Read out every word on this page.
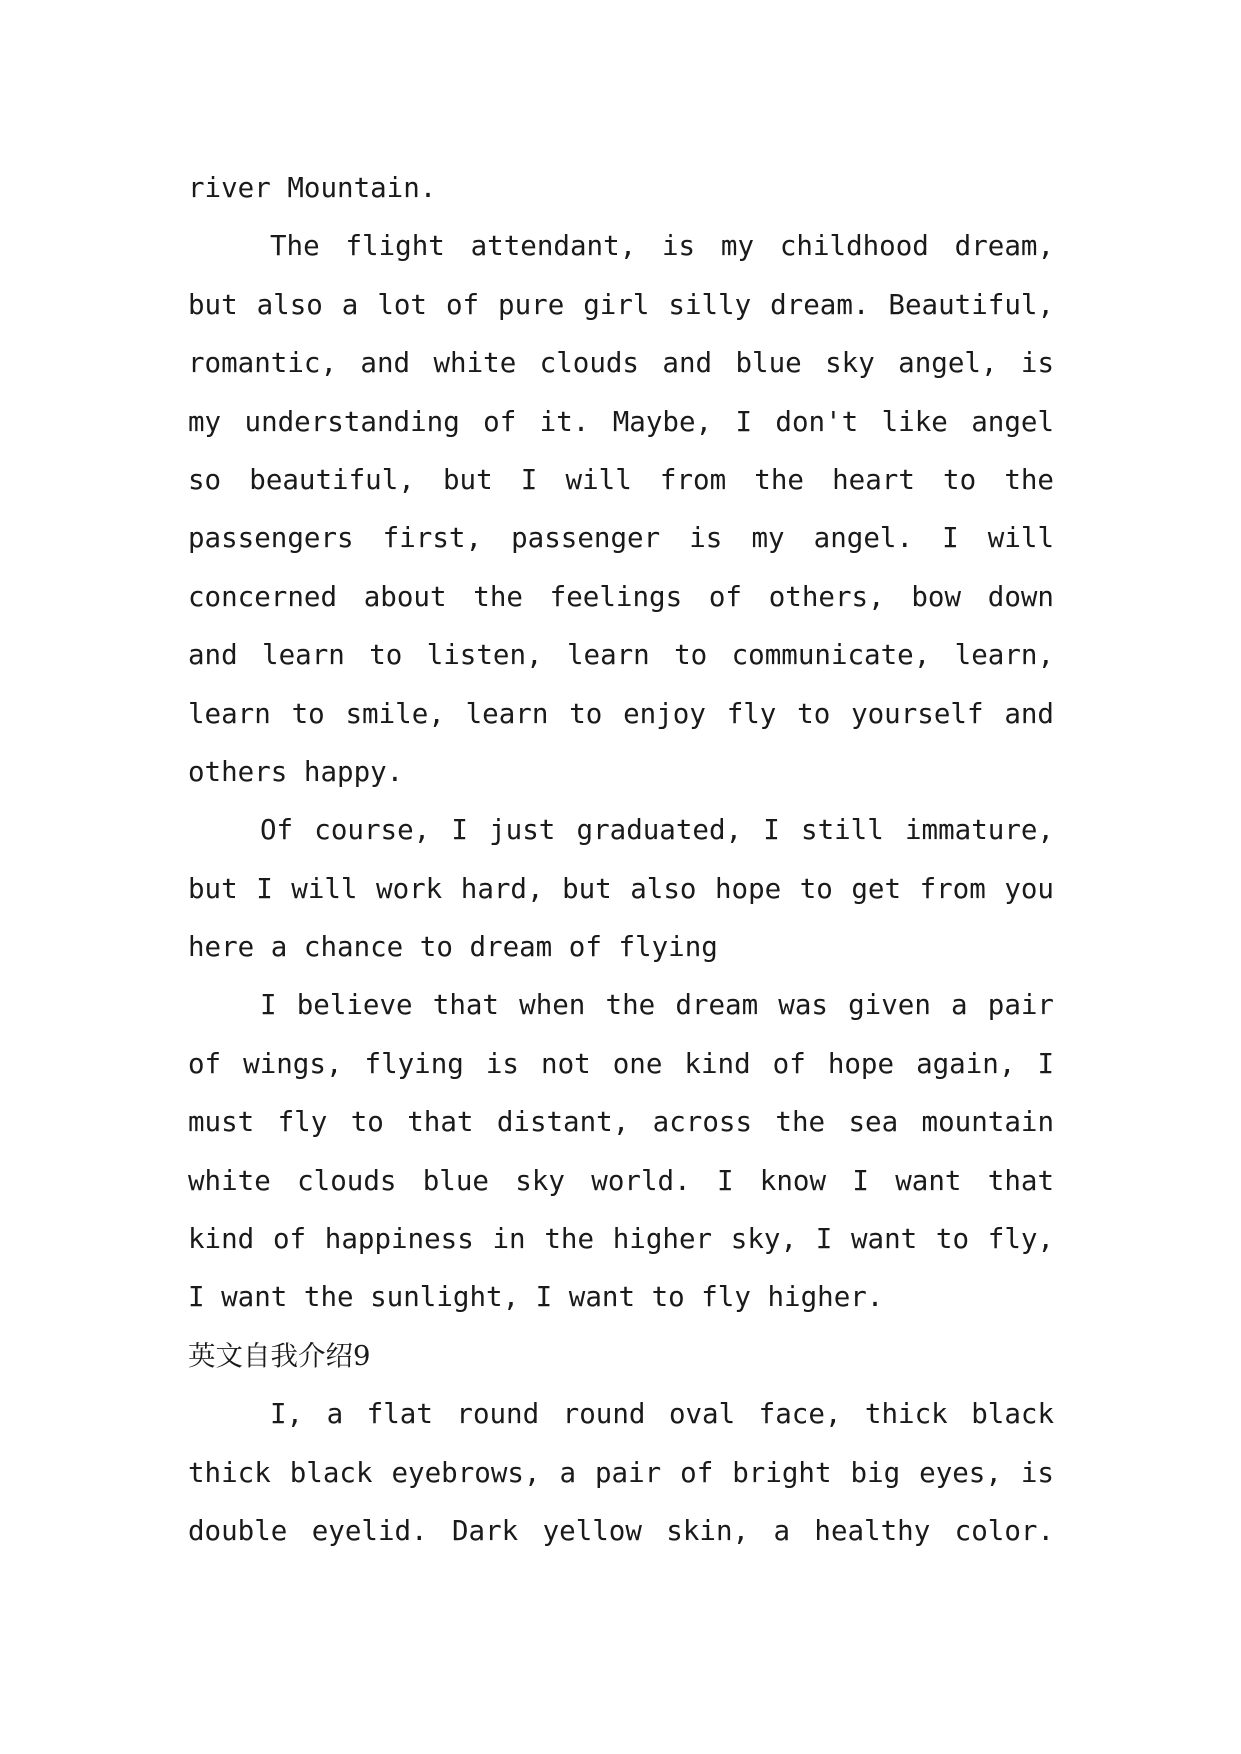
river Mountain.
The flight attendant, is my childhood dream,
but also a lot of pure girl silly dream. Beautiful,
romantic, and white clouds and blue sky angel, is
my understanding of it. Maybe, I don't like angel
so beautiful, but I will from the heart to the
passengers first, passenger is my angel. I will
concerned about the feelings of others, bow down
and learn to listen, learn to communicate, learn,
learn to smile, learn to enjoy fly to yourself and
others happy.
Of course, I just graduated, I still immature,
but I will work hard, but also hope to get from you
here a chance to dream of flying
I believe that when the dream was given a pair
of wings, flying is not one kind of hope again, I
must fly to that distant, across the sea mountain
white clouds blue sky world. I know I want that
kind of happiness in the higher sky, I want to fly,
I want the sunlight, I want to fly higher.
英文自我介绍9
I, a flat round round oval face, thick black
thick black eyebrows, a pair of bright big eyes, is
double eyelid. Dark yellow skin, a healthy color.
